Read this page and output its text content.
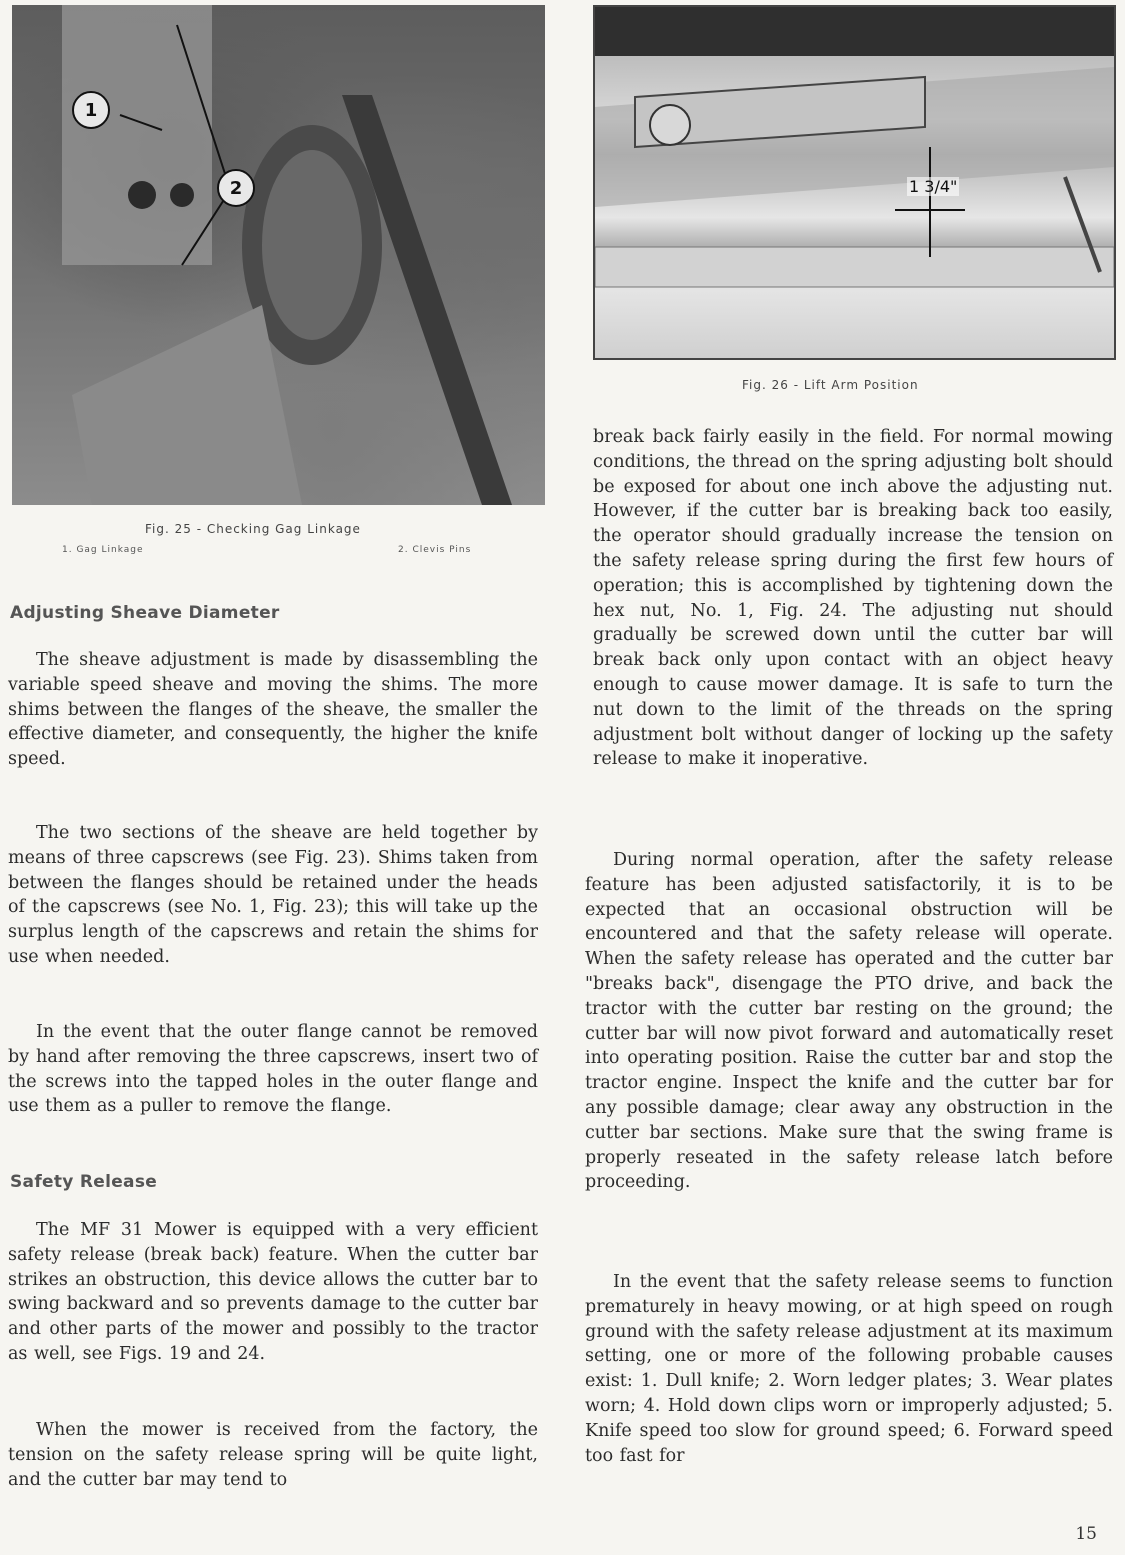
1
2
Fig. 25 - Checking Gag Linkage
1. Gag Linkage	2. Clevis Pins
1 3/4"
Fig. 26 - Lift Arm Position
Adjusting Sheave Diameter

The sheave adjustment is made by disassembling the variable speed sheave and moving the shims. The more shims between the flanges of the sheave, the smaller the effective diameter, and consequently, the higher the knife speed.

The two sections of the sheave are held together by means of three capscrews (see Fig. 23). Shims taken from between the flanges should be retained under the heads of the capscrews (see No. 1, Fig. 23); this will take up the surplus length of the capscrews and retain the shims for use when needed.

In the event that the outer flange cannot be removed by hand after removing the three capscrews, insert two of the screws into the tapped holes in the outer flange and use them as a puller to remove the flange.

Safety Release

The MF 31 Mower is equipped with a very efficient safety release (break back) feature. When the cutter bar strikes an obstruction, this device allows the cutter bar to swing backward and so prevents damage to the cutter bar and other parts of the mower and possibly to the tractor as well, see Figs. 19 and 24.

When the mower is received from the factory, the tension on the safety release spring will be quite light, and the cutter bar may tend to

break back fairly easily in the field. For normal mowing conditions, the thread on the spring adjusting bolt should be exposed for about one inch above the adjusting nut. However, if the cutter bar is breaking back too easily, the operator should gradually increase the tension on the safety release spring during the first few hours of operation; this is accomplished by tightening down the hex nut, No. 1, Fig. 24. The adjusting nut should gradually be screwed down until the cutter bar will break back only upon contact with an object heavy enough to cause mower damage. It is safe to turn the nut down to the limit of the threads on the spring adjustment bolt without danger of locking up the safety release to make it inoperative.

During normal operation, after the safety release feature has been adjusted satisfactorily, it is to be expected that an occasional obstruction will be encountered and that the safety release will operate. When the safety release has operated and the cutter bar "breaks back", disengage the PTO drive, and back the tractor with the cutter bar resting on the ground; the cutter bar will now pivot forward and automatically reset into operating position. Raise the cutter bar and stop the tractor engine. Inspect the knife and the cutter bar for any possible damage; clear away any obstruction in the cutter bar sections. Make sure that the swing frame is properly reseated in the safety release latch before proceeding.

In the event that the safety release seems to function prematurely in heavy mowing, or at high speed on rough ground with the safety release adjustment at its maximum setting, one or more of the following probable causes exist: 1. Dull knife; 2. Worn ledger plates; 3. Wear plates worn; 4. Hold down clips worn or improperly adjusted; 5. Knife speed too slow for ground speed; 6. Forward speed too fast for

15
